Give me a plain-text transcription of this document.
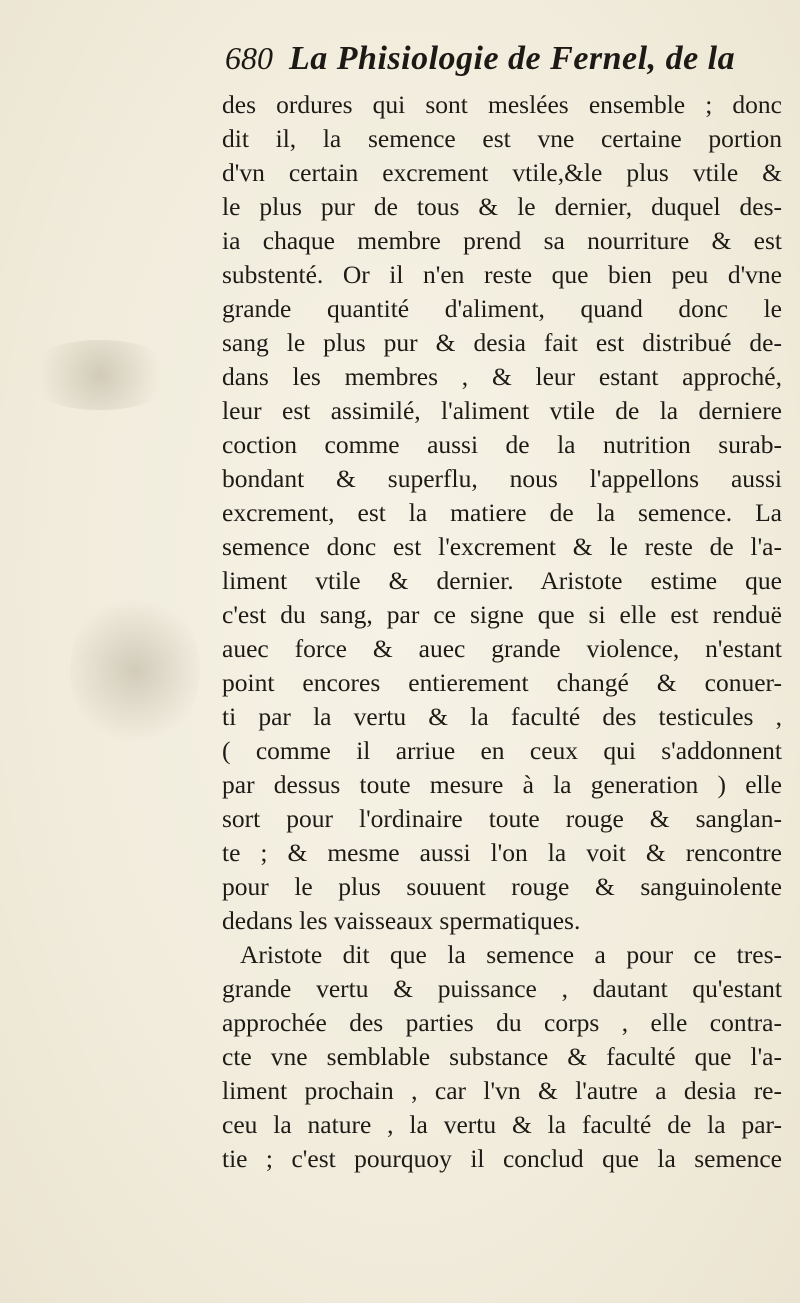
680 La Phisiologie de Fernel, de la
des ordures qui sont meslées ensemble ; donc
dit il, la semence est vne certaine portion
d'vn certain excrement vtile,&le plus vtile &
le plus pur de tous & le dernier, duquel des-
ia chaque membre prend sa nourriture & est
substenté. Or il n'en reste que bien peu d'vne
grande quantité d'aliment, quand donc le
sang le plus pur & desia fait est distribué de-
dans les membres , & leur estant approché,
leur est assimilé, l'aliment vtile de la derniere
coction comme aussi de la nutrition surab-
bondant & superflu, nous l'appellons aussi
excrement, est la matiere de la semence. La
semence donc est l'excrement & le reste de l'a-
liment vtile & dernier. Aristote estime que
c'est du sang, par ce signe que si elle est renduë
auec force & auec grande violence, n'estant
point encores entierement changé & conuer-
ti par la vertu & la faculté des testicules ,
( comme il arriue en ceux qui s'addonnent
par dessus toute mesure à la generation ) elle
sort pour l'ordinaire toute rouge & sanglan-
te ; & mesme aussi l'on la voit & rencontre
pour le plus souuent rouge & sanguinolente
dedans les vaisseaux spermatiques.
Aristote dit que la semence a pour ce tres-
grande vertu & puissance , dautant qu'estant
approchée des parties du corps , elle contra-
cte vne semblable substance & faculté que l'a-
liment prochain , car l'vn & l'autre a desia re-
ceu la nature , la vertu & la faculté de la par-
tie ; c'est pourquoy il conclud que la semence
